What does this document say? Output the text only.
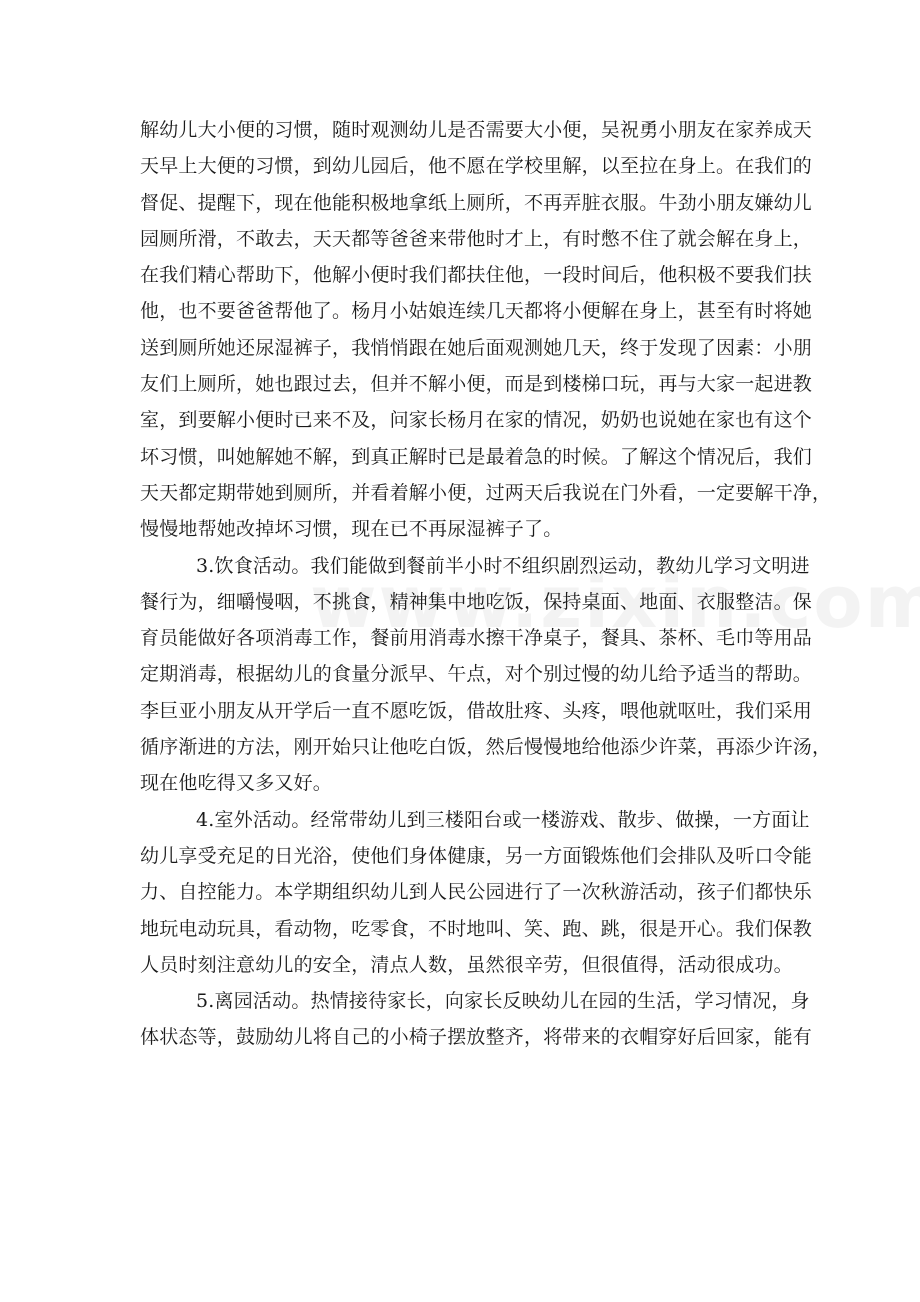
解幼儿大小便的习惯，随时观测幼儿是否需要大小便，吴祝勇小朋友在家养成天
天早上大便的习惯，到幼儿园后，他不愿在学校里解，以至拉在身上。在我们的
督促、提醒下，现在他能积极地拿纸上厕所，不再弄脏衣服。牛劲小朋友嫌幼儿
园厕所滑，不敢去，天天都等爸爸来带他时才上，有时憋不住了就会解在身上，
在我们精心帮助下，他解小便时我们都扶住他，一段时间后，他积极不要我们扶
他，也不要爸爸帮他了。杨月小姑娘连续几天都将小便解在身上，甚至有时将她
送到厕所她还尿湿裤子，我悄悄跟在她后面观测她几天，终于发现了因素：小朋
友们上厕所，她也跟过去，但并不解小便，而是到楼梯口玩，再与大家一起进教
室，到要解小便时已来不及，问家长杨月在家的情况，奶奶也说她在家也有这个
坏习惯，叫她解她不解，到真正解时已是最着急的时候。了解这个情况后，我们
天天都定期带她到厕所，并看着解小便，过两天后我说在门外看，一定要解干净，
慢慢地帮她改掉坏习惯，现在已不再尿湿裤子了。
3.饮食活动。我们能做到餐前半小时不组织剧烈运动，教幼儿学习文明进
餐行为，细嚼慢咽，不挑食，精神集中地吃饭，保持桌面、地面、衣服整洁。保
育员能做好各项消毒工作，餐前用消毒水擦干净桌子，餐具、茶杯、毛巾等用品
定期消毒，根据幼儿的食量分派早、午点，对个别过慢的幼儿给予适当的帮助。
李巨亚小朋友从开学后一直不愿吃饭，借故肚疼、头疼，喂他就呕吐，我们采用
循序渐进的方法，刚开始只让他吃白饭，然后慢慢地给他添少许菜，再添少许汤，
现在他吃得又多又好。
4.室外活动。经常带幼儿到三楼阳台或一楼游戏、散步、做操，一方面让
幼儿享受充足的日光浴，使他们身体健康，另一方面锻炼他们会排队及听口令能
力、自控能力。本学期组织幼儿到人民公园进行了一次秋游活动，孩子们都快乐
地玩电动玩具，看动物，吃零食，不时地叫、笑、跑、跳，很是开心。我们保教
人员时刻注意幼儿的安全，清点人数，虽然很辛劳，但很值得，活动很成功。
5.离园活动。热情接待家长，向家长反映幼儿在园的生活，学习情况，身
体状态等，鼓励幼儿将自己的小椅子摆放整齐，将带来的衣帽穿好后回家，能有
